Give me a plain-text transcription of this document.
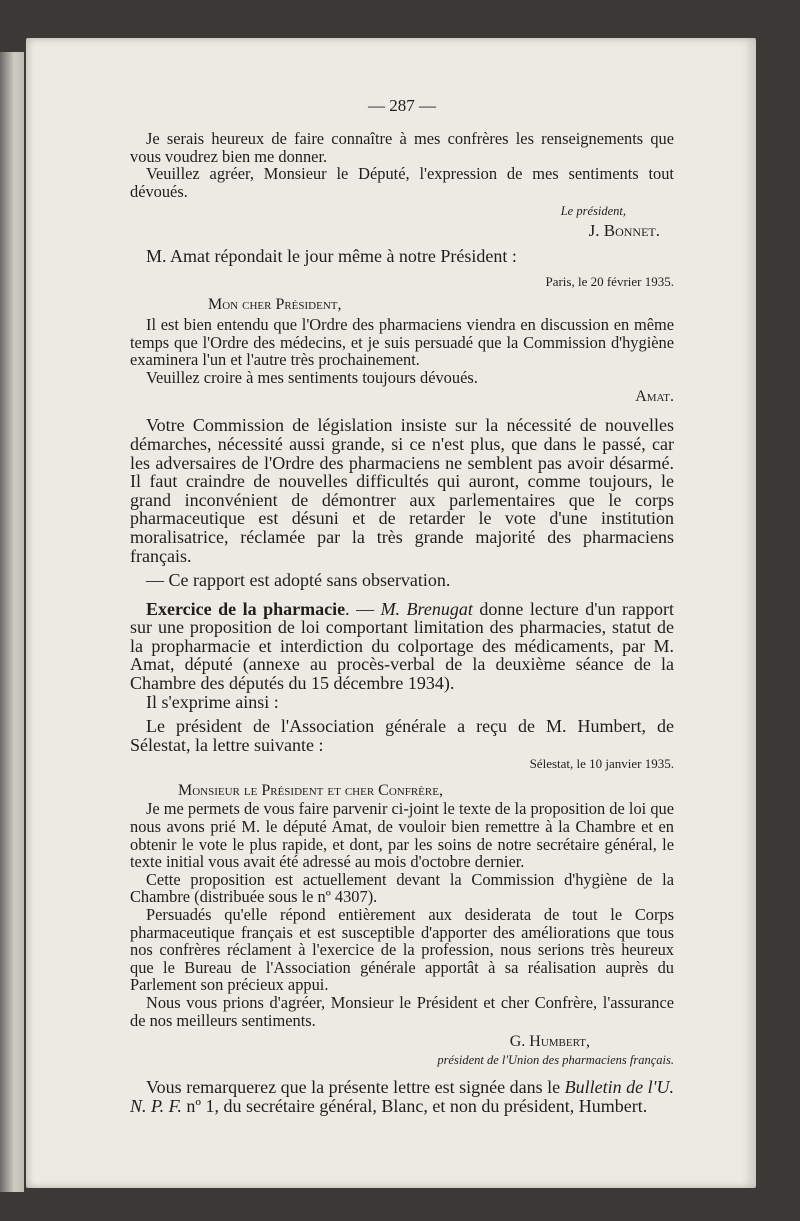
— 287 —

Je serais heureux de faire connaître à mes confrères les renseignements que vous voudrez bien me donner.

Veuillez agréer, Monsieur le Député, l'expression de mes sentiments tout dévoués.

Le président,

J. Bonnet.

M. Amat répondait le jour même à notre Président :

Paris, le 20 février 1935.

Mon cher Président,

Il est bien entendu que l'Ordre des pharmaciens viendra en discussion en même temps que l'Ordre des médecins, et je suis persuadé que la Commission d'hygiène examinera l'un et l'autre très prochainement.

Veuillez croire à mes sentiments toujours dévoués.

Amat.

Votre Commission de législation insiste sur la nécessité de nouvelles démarches, nécessité aussi grande, si ce n'est plus, que dans le passé, car les adversaires de l'Ordre des pharmaciens ne semblent pas avoir désarmé. Il faut craindre de nouvelles difficultés qui auront, comme toujours, le grand inconvénient de démontrer aux parlementaires que le corps pharmaceutique est désuni et de retarder le vote d'une institution moralisatrice, réclamée par la très grande majorité des pharmaciens français.

— Ce rapport est adopté sans observation.

Exercice de la pharmacie. — M. Brenugat donne lecture d'un rapport sur une proposition de loi comportant limitation des pharmacies, statut de la propharmacie et interdiction du colportage des médicaments, par M. Amat, député (annexe au procès-verbal de la deuxième séance de la Chambre des députés du 15 décembre 1934).

Il s'exprime ainsi :

Le président de l'Association générale a reçu de M. Humbert, de Sélestat, la lettre suivante :

Sélestat, le 10 janvier 1935.

Monsieur le Président et cher Confrère,

Je me permets de vous faire parvenir ci-joint le texte de la proposition de loi que nous avons prié M. le député Amat, de vouloir bien remettre à la Chambre et en obtenir le vote le plus rapide, et dont, par les soins de notre secrétaire général, le texte initial vous avait été adressé au mois d'octobre dernier.

Cette proposition est actuellement devant la Commission d'hygiène de la Chambre (distribuée sous le nº 4307).

Persuadés qu'elle répond entièrement aux desiderata de tout le Corps pharmaceutique français et est susceptible d'apporter des améliorations que tous nos confrères réclament à l'exercice de la profession, nous serions très heureux que le Bureau de l'Association générale apportât à sa réalisation auprès du Parlement son précieux appui.

Nous vous prions d'agréer, Monsieur le Président et cher Confrère, l'assurance de nos meilleurs sentiments.

G. Humbert,

président de l'Union des pharmaciens français.

Vous remarquerez que la présente lettre est signée dans le Bulletin de l'U. N. P. F. nº 1, du secrétaire général, Blanc, et non du président, Humbert.
